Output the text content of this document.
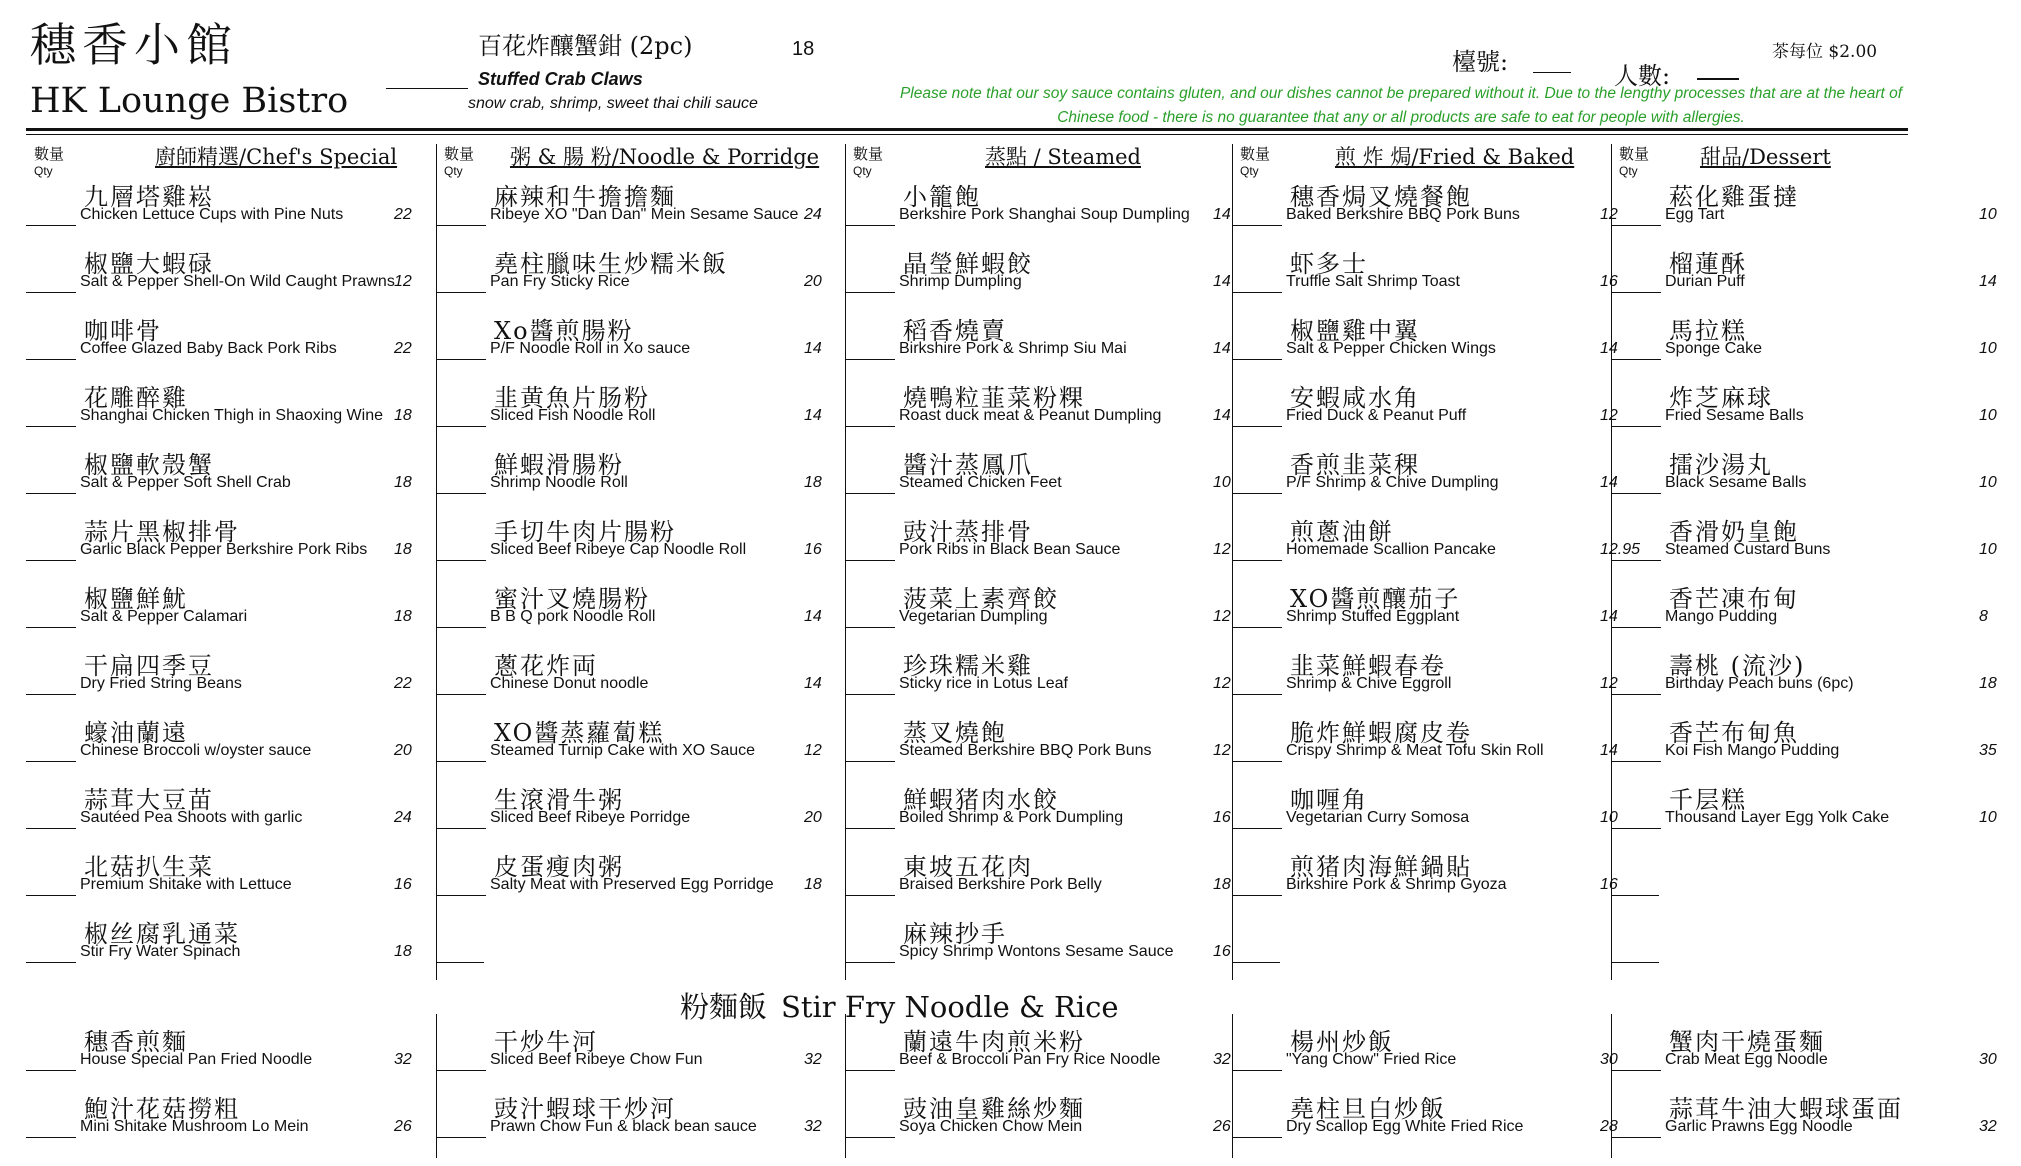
穗香小館
HK Lounge Bistro
百花炸釀蟹鉗 (2pc)	18
Stuffed Crab Claws
snow crab, shrimp, sweet thai chili sauce
檯號:	人數:
茶每位 $2.00
Please note that our soy sauce contains gluten, and our dishes cannot be prepared without it. Due to the lengthy processes that are at the heart of Chinese food - there is no guarantee that any or all products are safe to eat for people with allergies.
數量
Qty
廚師精選/Chef's Special
九層塔雞崧
Chicken Lettuce Cups with Pine Nuts	22
椒鹽大蝦碌
Salt & Pepper Shell-On Wild Caught Prawns 12
咖啡骨
Coffee Glazed Baby Back Pork Ribs	22
花雕醉雞
Shanghai Chicken Thigh in Shaoxing Wine 18
椒鹽軟殼蟹
Salt & Pepper Soft Shell Crab	18
蒜片黑椒排骨
Garlic Black Pepper Berkshire Pork Ribs	18
椒鹽鮮魷
Salt & Pepper Calamari	18
干扁四季豆
Dry Fried String Beans	22
蠔油蘭遠
Chinese Broccoli w/oyster sauce	20
蒜茸大豆苗
Sautéed Pea Shoots with garlic	24
北菇扒生菜
Premium Shitake with Lettuce	16
椒丝腐乳通菜
Stir Fry Water Spinach	18
數量
Qty
粥 & 腸 粉/Noodle & Porridge
麻辣和牛擔擔麵
Ribeye XO "Dan Dan" Mein Sesame Sauce 24
堯柱臘味生炒糯米飯
Pan Fry Sticky Rice	20
Xo醬煎腸粉
P/F Noodle Roll in Xo sauce	14
韭黄魚片肠粉
Sliced Fish Noodle Roll	14
鮮蝦滑腸粉
Shrimp Noodle Roll	18
手切牛肉片腸粉
Sliced Beef Ribeye Cap Noodle Roll	16
蜜汁叉燒腸粉
B B Q pork Noodle Roll	14
蔥花炸両
Chinese Donut noodle	14
XO醬蒸蘿蔔糕
Steamed Turnip Cake with XO Sauce	12
生滾滑牛粥
Sliced Beef Ribeye Porridge	20
皮蛋瘦肉粥
Salty Meat with Preserved Egg Porridge	18
數量
Qty
蒸點 / Steamed
小籠飽
Berkshire Pork Shanghai Soup Dumpling	14
晶瑩鮮蝦餃
Shrimp Dumpling	14
稻香燒賣
Birkshire Pork & Shrimp Siu Mai	14
燒鴨粒韮菜粉粿
Roast duck meat & Peanut Dumpling	14
醬汁蒸鳳爪
Steamed Chicken Feet	10
豉汁蒸排骨
Pork Ribs in Black Bean Sauce	12
菠菜上素齊餃
Vegetarian Dumpling	12
珍珠糯米雞
Sticky rice in Lotus Leaf	12
蒸叉燒飽
Steamed Berkshire BBQ Pork Buns	12
鮮蝦猪肉水餃
Boiled Shrimp & Pork Dumpling	16
東坡五花肉
Braised Berkshire Pork Belly	18
麻辣抄手
Spicy Shrimp Wontons Sesame Sauce	16
數量
Qty
煎 炸 焗/Fried & Baked
穗香焗叉燒餐飽
Baked Berkshire BBQ Pork Buns	12
虾多士
Truffle Salt Shrimp Toast	16
椒鹽雞中翼
Salt & Pepper Chicken Wings	14
安蝦咸水角
Fried Duck & Peanut Puff	12
香煎韭菜稞
P/F Shrimp & Chive Dumpling	14
煎蔥油餅
Homemade Scallion Pancake	12.95
XO醬煎釀茄子
Shrimp Stuffed Eggplant	14
韭菜鮮蝦春卷
Shrimp & Chive Eggroll	12
脆炸鮮蝦腐皮卷
Crispy Shrimp & Meat Tofu Skin Roll	14
咖喱角
Vegetarian Curry Somosa	10
煎猪肉海鮮鍋貼
Birkshire Pork & Shrimp Gyoza	16
數量
Qty
甜品/Dessert
菘化雞蛋撻
Egg Tart	10
榴蓮酥
Durian Puff	14
馬拉糕
Sponge Cake	10
炸芝麻球
Fried Sesame Balls	10
擂沙湯丸
Black Sesame Balls	10
香滑奶皇飽
Steamed Custard Buns	10
香芒凍布甸
Mango Pudding	8
壽桃 (流沙)
Birthday Peach buns (6pc)	18
香芒布甸魚
Koi Fish Mango Pudding	35
千层糕
Thousand Layer Egg Yolk Cake	10
穗香煎麵
House Special Pan Fried Noodle	32
鮑汁花菇撈粗
Mini Shitake Mushroom Lo Mein	26
干炒牛河
Sliced Beef Ribeye Chow Fun	32
豉汁蝦球干炒河
Prawn Chow Fun & black bean sauce	32
蘭遠牛肉煎米粉
Beef & Broccoli Pan Fry Rice Noodle	32
豉油皇雞絲炒麵
Soya Chicken Chow Mein	26
楊州炒飯
"Yang Chow" Fried Rice	30
堯柱旦白炒飯
Dry Scallop Egg White Fried Rice	28
蟹肉干燒蛋麵
Crab Meat Egg Noodle	30
蒜茸牛油大蝦球蛋面
Garlic Prawns Egg Noodle	32
粉麵飯 Stir Fry Noodle & Rice
